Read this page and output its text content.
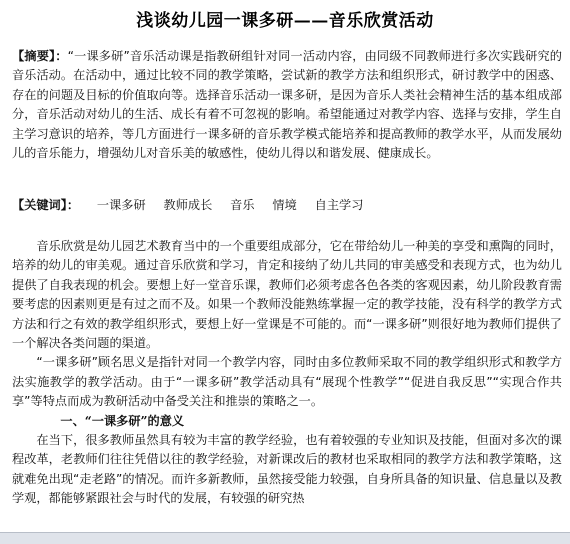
浅谈幼儿园一课多研——音乐欣赏活动
【摘要】：“一课多研”音乐活动课是指教研组针对同一活动内容，由同级不同教师进行多次实践研究的音乐活动。在活动中，通过比较不同的教学策略，尝试新的教学方法和组织形式，研讨教学中的困惑、存在的问题及目标的价值取向等。选择音乐活动一课多研，是因为音乐人类社会精神生活的基本组成部分，音乐活动对幼儿的生活、成长有着不可忽视的影响。希望能通过对教学内容、选择与安排，学生自主学习意识的培养，等几方面进行一课多研的音乐教学模式能培养和提高教师的教学水平，从而发展幼儿的音乐能力，增强幼儿对音乐美的敏感性，使幼儿得以和谐发展、健康成长。
【关键词】： 一课多研 教师成长 音乐 情境 自主学习

音乐欣赏是幼儿园艺术教育当中的一个重要组成部分，它在带给幼儿一种美的享受和熏陶的同时，培养的幼儿的审美观。通过音乐欣赏和学习，肯定和接纳了幼儿共同的审美感受和表现方式，也为幼儿提供了自我表现的机会。要想上好一堂音乐课，教师们必须考虑各色各类的客观因素，幼儿阶段教育需要考虑的因素则更是有过之而不及。如果一个教师没能熟练掌握一定的教学技能，没有科学的教学方式方法和行之有效的教学组织形式，要想上好一堂课是不可能的。而“一课多研”则很好地为教师们提供了一个解决各类问题的渠道。

“一课多研”顾名思义是指针对同一个教学内容，同时由多位教师采取不同的教学组织形式和教学方法实施教学的教学活动。由于“一课多研”教学活动具有“展现个性教学”“促进自我反思”“实现合作共享”等特点而成为教研活动中备受关注和推崇的策略之一。

一、“一课多研”的意义

在当下，很多教师虽然具有较为丰富的教学经验，也有着较强的专业知识及技能，但面对多次的课程改革，老教师们往往凭借以往的教学经验，对新课改后的教材也采取相同的教学方法和教学策略，这就难免出现“走老路”的情况。而许多新教师，虽然接受能力较强，自身所具备的知识量、信息量以及教学观，都能够紧跟社会与时代的发展，有较强的研究热
